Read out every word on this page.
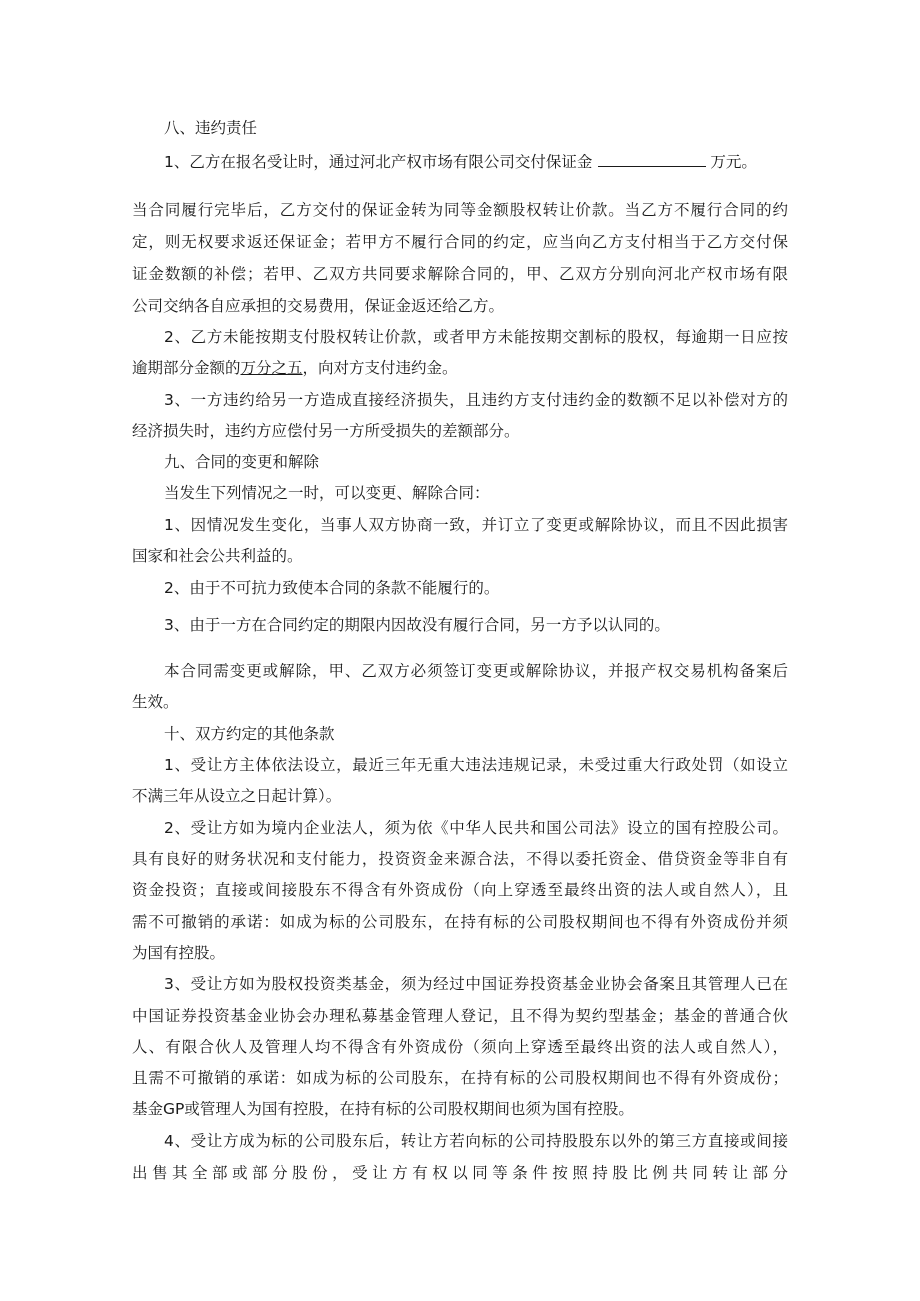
八、违约责任
1、乙方在报名受让时，通过河北产权市场有限公司交付保证金	万元。
当合同履行完毕后，乙方交付的保证金转为同等金额股权转让价款。当乙方不履行合同的约
定，则无权要求返还保证金；若甲方不履行合同的约定，应当向乙方支付相当于乙方交付保
证金数额的补偿；若甲、乙双方共同要求解除合同的，甲、乙双方分别向河北产权市场有限
公司交纳各自应承担的交易费用，保证金返还给乙方。
2、乙方未能按期支付股权转让价款，或者甲方未能按期交割标的股权，每逾期一日应按
逾期部分金额的万分之五，向对方支付违约金。
3、一方违约给另一方造成直接经济损失，且违约方支付违约金的数额不足以补偿对方的
经济损失时，违约方应偿付另一方所受损失的差额部分。
九、合同的变更和解除
当发生下列情况之一时，可以变更、解除合同：
1、因情况发生变化，当事人双方协商一致，并订立了变更或解除协议，而且不因此损害
国家和社会公共利益的。
2、由于不可抗力致使本合同的条款不能履行的。
3、由于一方在合同约定的期限内因故没有履行合同，另一方予以认同的。
本合同需变更或解除，甲、乙双方必须签订变更或解除协议，并报产权交易机构备案后
生效。
十、双方约定的其他条款
1、受让方主体依法设立，最近三年无重大违法违规记录，未受过重大行政处罚（如设立
不满三年从设立之日起计算）。
2、受让方如为境内企业法人，须为依《中华人民共和国公司法》设立的国有控股公司。
具有良好的财务状况和支付能力，投资资金来源合法，不得以委托资金、借贷资金等非自有
资金投资；直接或间接股东不得含有外资成份（向上穿透至最终出资的法人或自然人），且
需不可撤销的承诺：如成为标的公司股东，在持有标的公司股权期间也不得有外资成份并须
为国有控股。
3、受让方如为股权投资类基金，须为经过中国证券投资基金业协会备案且其管理人已在
中国证券投资基金业协会办理私募基金管理人登记，且不得为契约型基金；基金的普通合伙
人、有限合伙人及管理人均不得含有外资成份（须向上穿透至最终出资的法人或自然人），
且需不可撤销的承诺：如成为标的公司股东，在持有标的公司股权期间也不得有外资成份；
基金GP或管理人为国有控股，在持有标的公司股权期间也须为国有控股。
4、受让方成为标的公司股东后，转让方若向标的公司持股股东以外的第三方直接或间接
出售其全部或部分股份，受让方有权以同等条件按照持股比例共同转让部分
